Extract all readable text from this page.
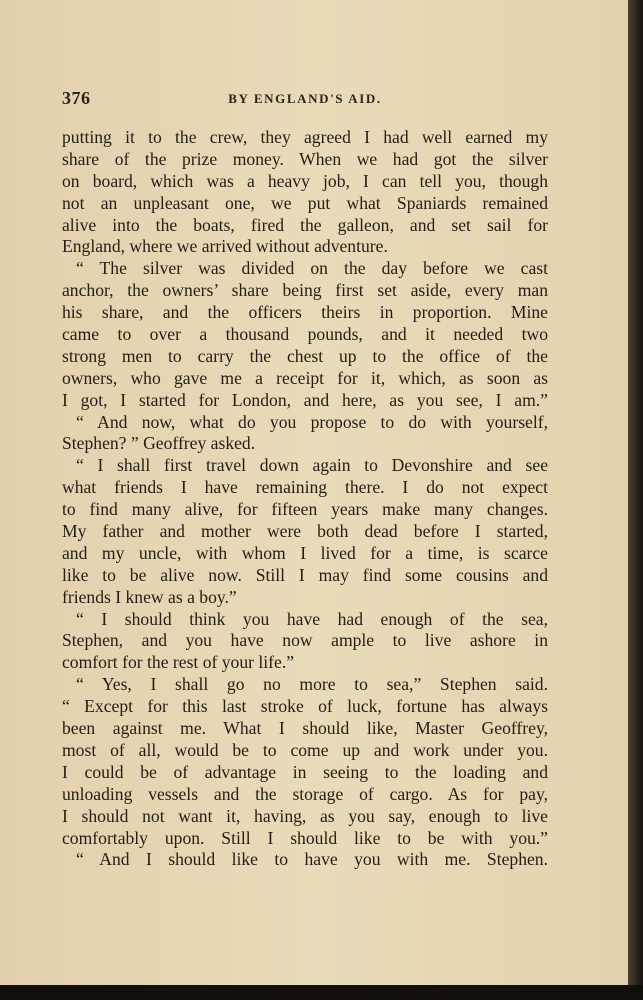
376	BY ENGLAND'S AID.
putting it to the crew, they agreed I had well earned my
share of the prize money. When we had got the silver
on board, which was a heavy job, I can tell you, though
not an unpleasant one, we put what Spaniards remained
alive into the boats, fired the galleon, and set sail for
England, where we arrived without adventure.
“ The silver was divided on the day before we cast
anchor, the owners’ share being first set aside, every man
his share, and the officers theirs in proportion. Mine
came to over a thousand pounds, and it needed two
strong men to carry the chest up to the office of the
owners, who gave me a receipt for it, which, as soon as
I got, I started for London, and here, as you see, I am.”
“ And now, what do you propose to do with yourself,
Stephen? ” Geoffrey asked.
“ I shall first travel down again to Devonshire and see
what friends I have remaining there. I do not expect
to find many alive, for fifteen years make many changes.
My father and mother were both dead before I started,
and my uncle, with whom I lived for a time, is scarce
like to be alive now. Still I may find some cousins and
friends I knew as a boy.”
“ I should think you have had enough of the sea,
Stephen, and you have now ample to live ashore in
comfort for the rest of your life.”
“ Yes, I shall go no more to sea,” Stephen said.
“ Except for this last stroke of luck, fortune has always
been against me. What I should like, Master Geoffrey,
most of all, would be to come up and work under you.
I could be of advantage in seeing to the loading and
unloading vessels and the storage of cargo. As for pay,
I should not want it, having, as you say, enough to live
comfortably upon. Still I should like to be with you.”
“ And I should like to have you with me. Stephen.
